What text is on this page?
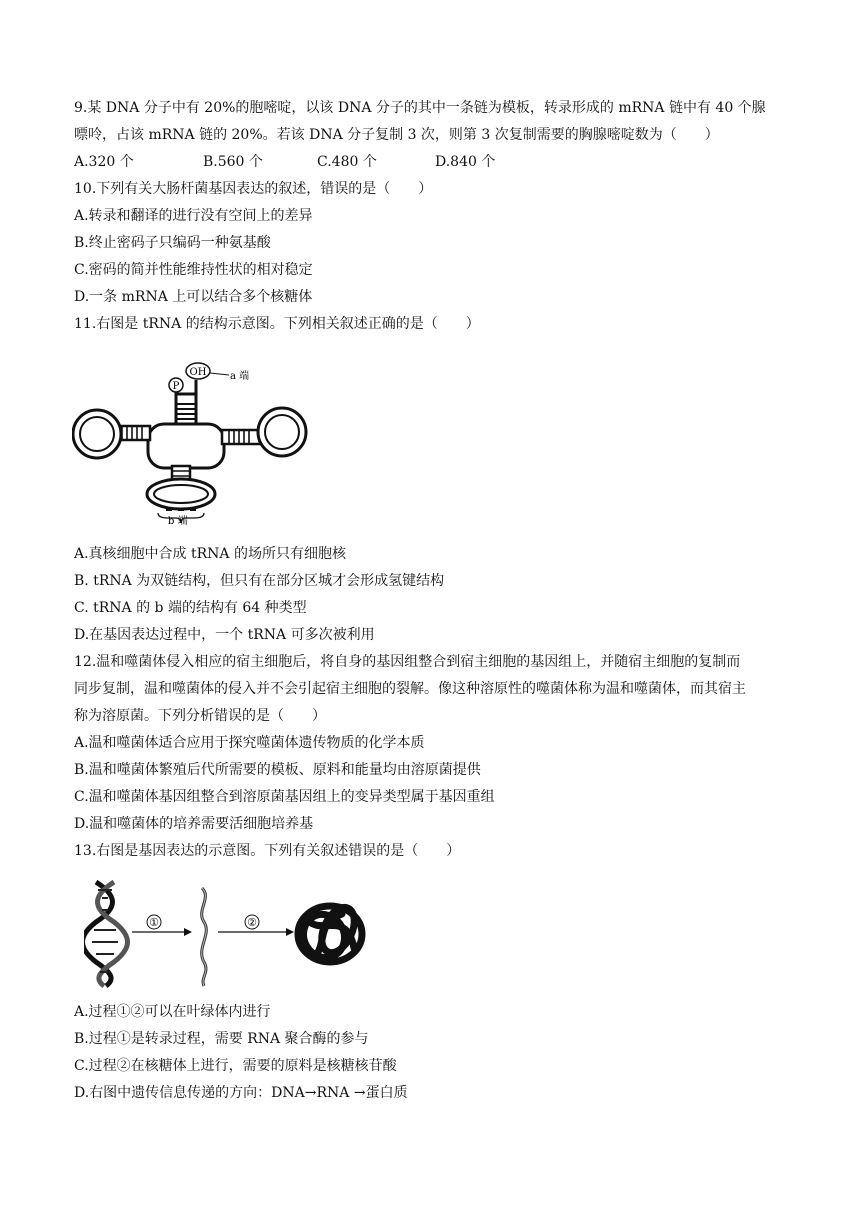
9.某 DNA 分子中有 20%的胞嘧啶，以该 DNA 分子的其中一条链为模板，转录形成的 mRNA 链中有 40 个腺
嘌呤，占该 mRNA 链的 20%。若该 DNA 分子复制 3 次，则第 3 次复制需要的胸腺嘧啶数为（　　）
A.320 个	B.560 个	C.480 个	D.840 个
10.下列有关大肠杆菌基因表达的叙述，错误的是（　　）
A.转录和翻译的进行没有空间上的差异
B.终止密码子只编码一种氨基酸
C.密码的简并性能维持性状的相对稳定
D.一条 mRNA 上可以结合多个核糖体
11.右图是 tRNA 的结构示意图。下列相关叙述正确的是（　　）
P
OH a 端
b 端
A.真核细胞中合成 tRNA 的场所只有细胞核
B. tRNA 为双链结构，但只有在部分区城才会形成氢键结构
C. tRNA 的 b 端的结构有 64 种类型
D.在基因表达过程中，一个 tRNA 可多次被利用
12.温和噬菌体侵入相应的宿主细胞后，将自身的基因组整合到宿主细胞的基因组上，并随宿主细胞的复制而
同步复制，温和噬菌体的侵入并不会引起宿主细胞的裂解。像这种溶原性的噬菌体称为温和噬菌体，而其宿主
称为溶原菌。下列分析错误的是（　　）
A.温和噬菌体适合应用于探究噬菌体遗传物质的化学本质
B.温和噬菌体繁殖后代所需要的模板、原料和能量均由溶原菌提供
C.温和噬菌体基因组整合到溶原菌基因组上的变异类型属于基因重组
D.温和噬菌体的培养需要活细胞培养基
13.右图是基因表达的示意图。下列有关叙述错误的是（　　）
①	②
A.过程①②可以在叶绿体内进行
B.过程①是转录过程，需要 RNA 聚合酶的参与
C.过程②在核糖体上进行，需要的原料是核糖核苷酸
D.右图中遗传信息传递的方向：DNA→RNA →蛋白质
